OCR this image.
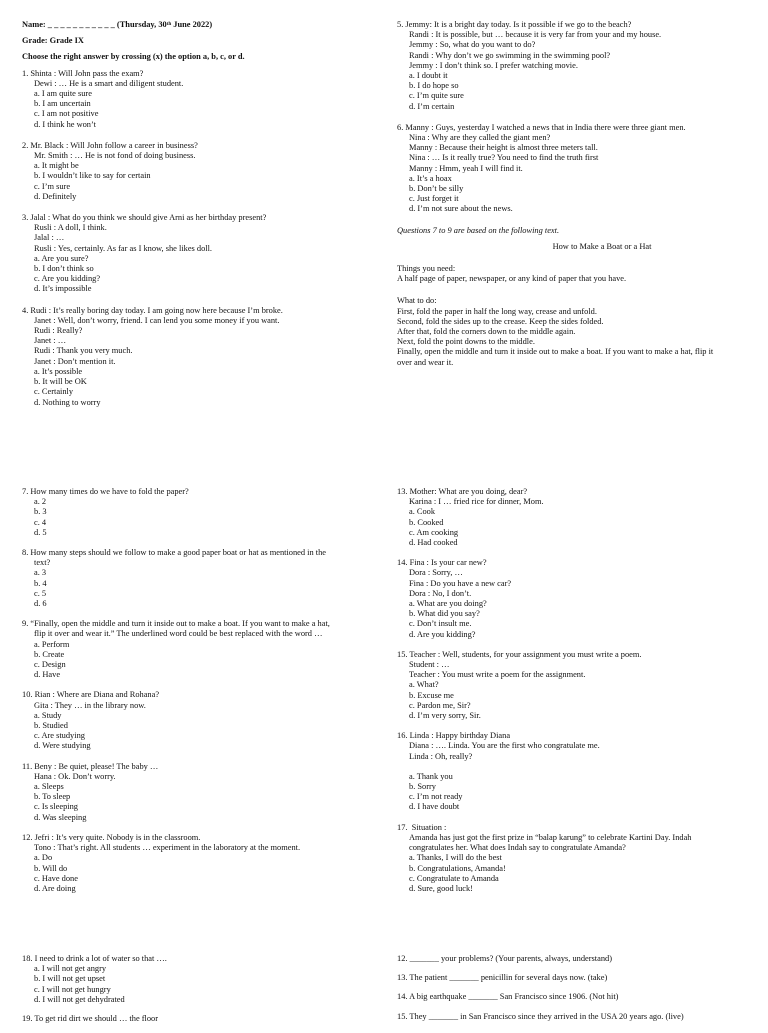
Name: _ _ _ _ _ _ _ _ _ _ _ (Thursday, 30ᵗʰ June 2022)
Grade: Grade IX
Choose the right answer by crossing (x) the option a, b, c, or d.
1. Shinta : Will John pass the exam?
Dewi : … He is a smart and diligent student.
a. I am quite sure
b. I am uncertain
c. I am not positive
d. I think he won’t
2. Mr. Black : Will John follow a career in business?
Mr. Smith : … He is not fond of doing business.
a. It might be
b. I wouldn’t like to say for certain
c. I’m sure
d. Definitely
3. Jalal : What do you think we should give Arni as her birthday present?
Rusli : A doll, I think.
Jalal : …
Rusli : Yes, certainly. As far as I know, she likes doll.
a. Are you sure?
b. I don’t think so
c. Are you kidding?
d. It’s impossible
4. Rudi : It’s really boring day today. I am going now here because I’m broke.
Janet : Well, don’t worry, friend. I can lend you some money if you want.
Rudi : Really?
Janet : …
Rudi : Thank you very much.
Janet : Don’t mention it.
a. It’s possible
b. It will be OK
c. Certainly
d. Nothing to worry
5. Jemmy: It is a bright day today. Is it possible if we go to the beach?
Randi : It is possible, but … because it is very far from your and my house.
Jemmy : So, what do you want to do?
Randi : Why don’t we go swimming in the swimming pool?
Jemmy : I don’t think so. I prefer watching movie.
a. I doubt it
b. I do hope so
c. I’m quite sure
d. I’m certain
6. Manny : Guys, yesterday I watched a news that in India there were three giant men.
Nina : Why are they called the giant men?
Manny : Because their height is almost three meters tall.
Nina : … Is it really true? You need to find the truth first
Manny : Hmm, yeah I will find it.
a. It’s a hoax
b. Don’t be silly
c. Just forget it
d. I’m not sure about the news.
Questions 7 to 9 are based on the following text.
How to Make a Boat or a Hat
Things you need:
A half page of paper, newspaper, or any kind of paper that you have.
What to do:
First, fold the paper in half the long way, crease and unfold.
Second, fold the sides up to the crease. Keep the sides folded.
After that, fold the corners down to the middle again.
Next, fold the point downs to the middle.
Finally, open the middle and turn it inside out to make a boat. If you want to make a hat, flip it
over and wear it.
7. How many times do we have to fold the paper?
a. 2
b. 3
c. 4
d. 5
8. How many steps should we follow to make a good paper boat or hat as mentioned in the
text?
a. 3
b. 4
c. 5
d. 6
9. “Finally, open the middle and turn it inside out to make a boat. If you want to make a hat,
flip it over and wear it.” The underlined word could be best replaced with the word …
a. Perform
b. Create
c. Design
d. Have
10. Rian : Where are Diana and Rohana?
Gita : They … in the library now.
a. Study
b. Studied
c. Are studying
d. Were studying
11. Beny : Be quiet, please! The baby …
Hana : Ok. Don’t worry.
a. Sleeps
b. To sleep
c. Is sleeping
d. Was sleeping
12. Jefri : It’s very quite. Nobody is in the classroom.
Tono : That’s right. All students … experiment in the laboratory at the moment.
a. Do
b. Will do
c. Have done
d. Are doing
13. Mother: What are you doing, dear?
Karina : I … fried rice for dinner, Mom.
a. Cook
b. Cooked
c. Am cooking
d. Had cooked
14. Fina : Is your car new?
Dora : Sorry, …
Fina : Do you have a new car?
Dora : No, I don’t.
a. What are you doing?
b. What did you say?
c. Don’t insult me.
d. Are you kidding?
15. Teacher : Well, students, for your assignment you must write a poem.
Student : …
Teacher : You must write a poem for the assignment.
a. What?
b. Excuse me
c. Pardon me, Sir?
d. I’m very sorry, Sir.
16. Linda : Happy birthday Diana
Diana : …. Linda. You are the first who congratulate me.
Linda : Oh, really?
a. Thank you
b. Sorry
c. I’m not ready
d. I have doubt
17.  Situation :
Amanda has just got the first prize in “balap karung” to celebrate Kartini Day. Indah
congratulates her. What does Indah say to congratulate Amanda?
a. Thanks, I will do the best
b. Congratulations, Amanda!
c. Congratulate to Amanda
d. Sure, good luck!
18. I need to drink a lot of water so that ….
a. I will not get angry
b. I will not get upset
c. I will not get hungry
d. I will not get dehydrated
19. To get rid dirt we should … the floor
12. _______ your problems? (Your parents, always, understand)
13. The patient _______ penicillin for several days now. (take)
14. A big earthquake _______ San Francisco since 1906. (Not hit)
15. They _______ in San Francisco since they arrived in the USA 20 years ago. (live)
